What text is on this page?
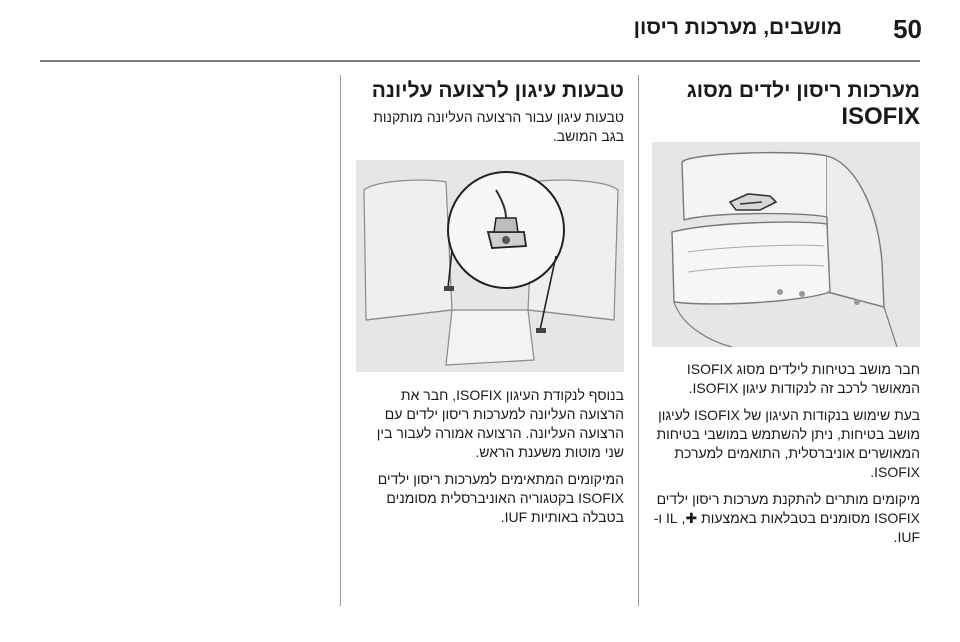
50
מושבים, מערכות ריסון
מערכות ריסון ילדים מסוג
ISOFIX

חבר מושב בטיחות לילדים מסוג ISOFIX המאושר לרכב זה לנקודות עיגון ISOFIX.

בעת שימוש בנקודות העיגון של ISOFIX לעיגון מושב בטיחות, ניתן להשתמש במושבי בטיחות המאושרים אוניברסלית, התואמים למערכת ISOFIX.

מיקומים מותרים להתקנת מערכות ריסון ילדים ISOFIX מסומנים בטבלאות באמצעות ✚, IL ו-IUF.

טבעות עיגון לרצועה עליונה

טבעות עיגון עבור הרצועה העליונה מותקנות בגב המושב.

בנוסף לנקודת העיגון ISOFIX, חבר את הרצועה העליונה למערכות ריסון ילדים עם הרצועה העליונה. הרצועה אמורה לעבור בין שני מוטות משענת הראש.

המיקומים המתאימים למערכות ריסון ילדים ISOFIX בקטגוריה האוניברסלית מסומנים בטבלה באותיות IUF.
